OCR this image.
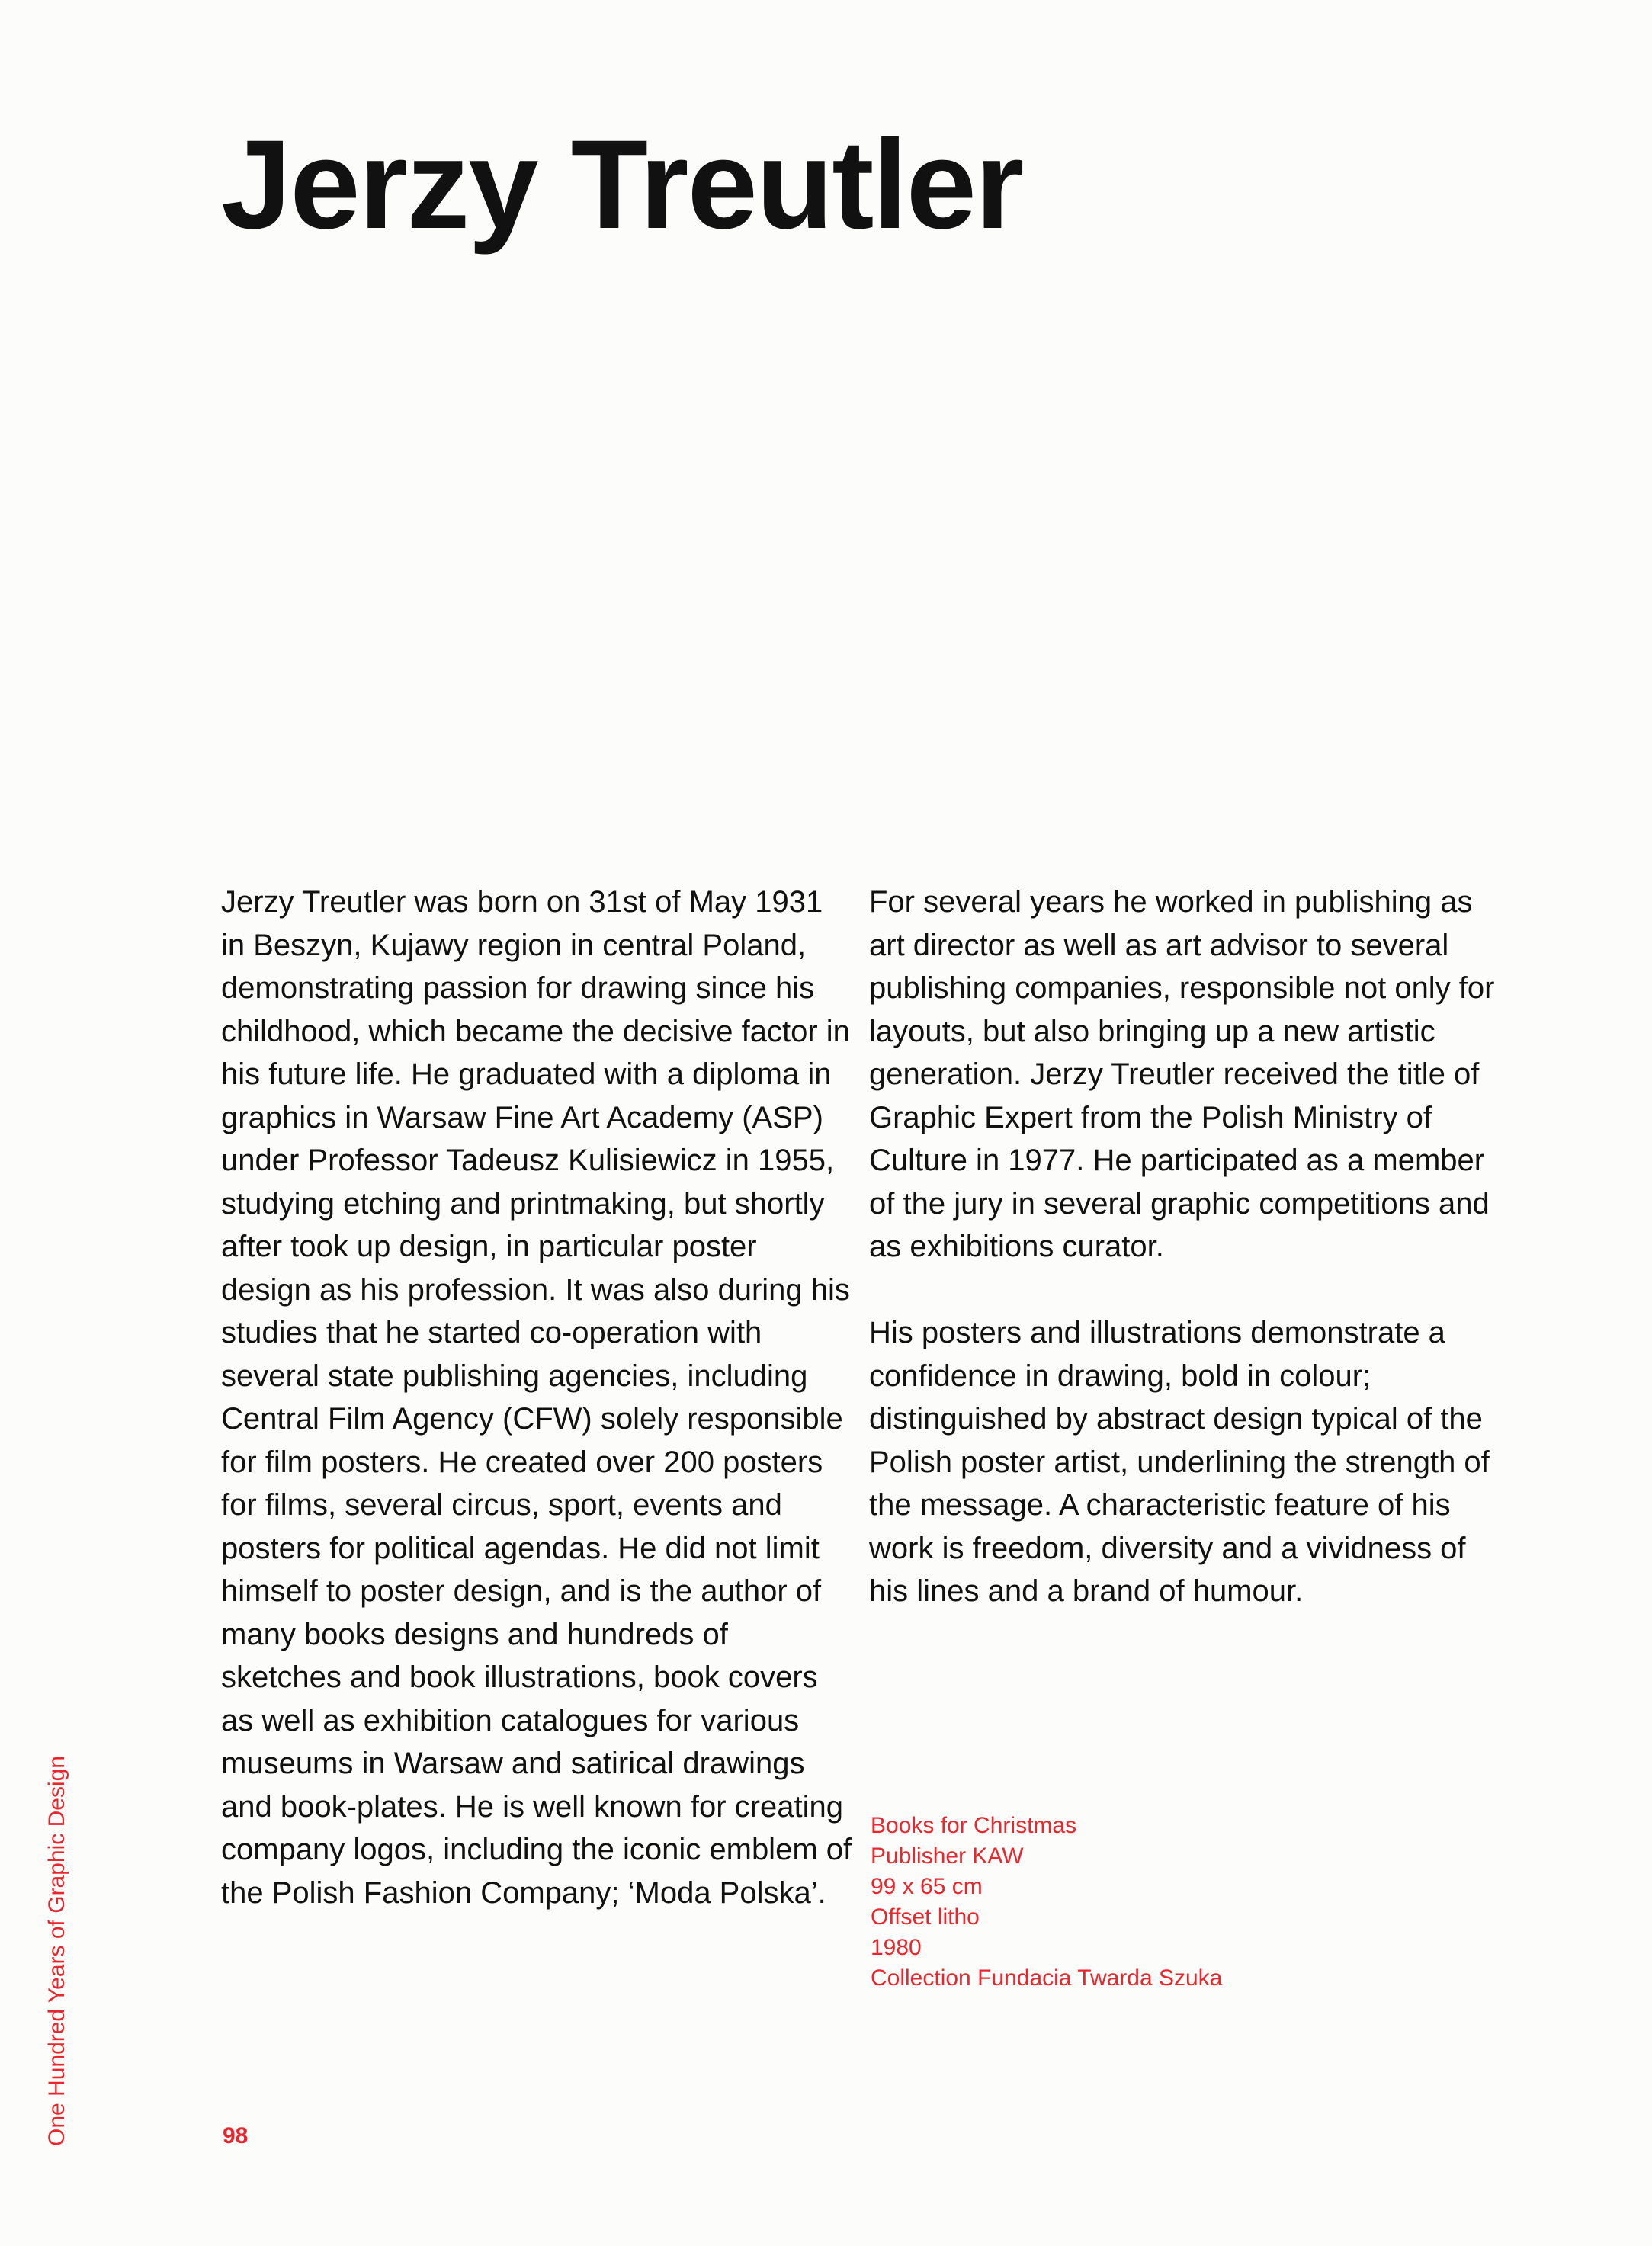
Jerzy Treutler

Jerzy Treutler was born on 31st of May 1931 in Beszyn, Kujawy region in central Poland, demonstrating passion for drawing since his childhood, which became the decisive factor in his future life. He graduated with a diploma in graphics in Warsaw Fine Art Academy (ASP) under Professor Tadeusz Kulisiewicz in 1955, studying etching and printmaking, but shortly after took up design, in particular poster design as his profession. It was also during his studies that he started co-operation with several state publishing agencies, including Central Film Agency (CFW) solely responsible for film posters. He created over 200 posters for films, several circus, sport, events and posters for political agendas. He did not limit himself to poster design, and is the author of many books designs and hundreds of sketches and book illustrations, book covers as well as exhibition catalogues for various museums in Warsaw and satirical drawings and book-plates. He is well known for creating company logos, including the iconic emblem of the Polish Fashion Company; ‘Moda Polska’.

For several years he worked in publishing as art director as well as art advisor to several publishing companies, responsible not only for layouts, but also bringing up a new artistic generation. Jerzy Treutler received the title of Graphic Expert from the Polish Ministry of Culture in 1977. He participated as a member of the jury in several graphic competitions and as exhibitions curator.

His posters and illustrations demonstrate a confidence in drawing, bold in colour; distinguished by abstract design typical of the Polish poster artist, underlining the strength of the message. A characteristic feature of his work is freedom, diversity and a vividness of his lines and a brand of humour.

Books for Christmas
Publisher KAW
99 x 65 cm
Offset litho
1980
Collection Fundacia Twarda Szuka
98
One Hundred Years of Graphic Design
